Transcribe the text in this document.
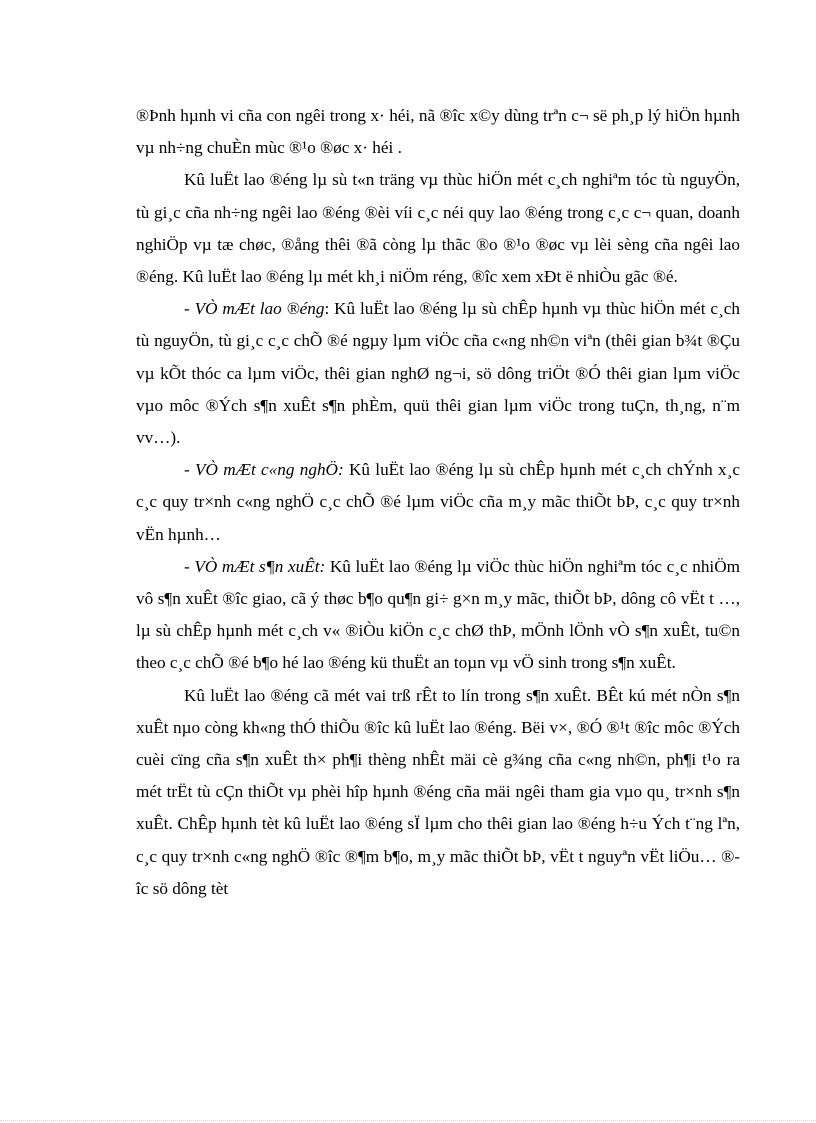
®Þnh hµnh vi cña con ngêi trong x· héi, nã ®îc x©y dùng trªn c¬ së ph¸p lý hiÖn hµnh vµ nh÷ng chuÈn mùc ®¹o ®øc x· héi .

Kû luËt lao ®éng lµ sù t«n träng vµ thùc hiÖn mét c¸ch nghiªm tóc tù nguyÖn, tù gi¸c cña nh÷ng ngêi lao ®éng ®èi víi c¸c néi quy lao ®éng trong c¸c c¬ quan, doanh nghiÖp vµ tæ chøc, ®ång thêi ®ã còng lµ thãc ®o ®¹o ®øc vµ lèi sèng cña ngêi lao ®éng. Kû luËt lao ®éng lµ mét kh¸i niÖm réng, ®îc xem xÐt ë nhiÒu gãc ®é.

- VÒ mÆt lao ®éng: Kû luËt lao ®éng lµ sù chÊp hµnh vµ thùc hiÖn mét c¸ch tù nguyÖn, tù gi¸c c¸c chÕ ®é ngµy lµm viÖc cña c«ng nh©n viªn (thêi gian b¾t ®Çu vµ kÕt thóc ca lµm viÖc, thêi gian nghØ ng¬i, sö dông triÖt ®Ó thêi gian lµm viÖc vµo môc ®Ých s¶n xuÊt s¶n phÈm, quü thêi gian lµm viÖc trong tuÇn, th¸ng, n¨m vv…).

- VÒ mÆt c«ng nghÖ: Kû luËt lao ®éng lµ sù chÊp hµnh mét c¸ch chÝnh x¸c c¸c quy tr×nh c«ng nghÖ c¸c chÕ ®é lµm viÖc cña m¸y mãc thiÕt bÞ, c¸c quy tr×nh vËn hµnh…

- VÒ mÆt s¶n xuÊt: Kû luËt lao ®éng lµ viÖc thùc hiÖn nghiªm tóc c¸c nhiÖm vô s¶n xuÊt ®îc giao, cã ý thøc b¶o qu¶n gi÷ g×n m¸y mãc, thiÕt bÞ, dông cô vËt t …, lµ sù chÊp hµnh mét c¸ch v« ®iÒu kiÖn c¸c chØ thÞ, mÖnh lÖnh vÒ s¶n xuÊt, tu©n theo c¸c chÕ ®é b¶o hé lao ®éng kü thuËt an toµn vµ vÖ sinh trong s¶n xuÊt.

Kû luËt lao ®éng cã mét vai trß rÊt to lín trong s¶n xuÊt. BÊt kú mét nÒn s¶n xuÊt nµo còng kh«ng thÓ thiÕu ®îc kû luËt lao ®éng. Bëi v×, ®Ó ®¹t ®îc môc ®Ých cuèi cïng cña s¶n xuÊt th× ph¶i thèng nhÊt mäi cè g¾ng cña c«ng nh©n, ph¶i t¹o ra mét trËt tù cÇn thiÕt vµ phèi hîp hµnh ®éng cña mäi ngêi tham gia vµo qu¸ tr×nh s¶n xuÊt. ChÊp hµnh tèt kû luËt lao ®éng sÏ lµm cho thêi gian lao ®éng h÷u Ých t¨ng lªn, c¸c quy tr×nh c«ng nghÖ ®îc ®¶m b¶o, m¸y mãc thiÕt bÞ, vËt t nguyªn vËt liÖu… ®îc sö dông tèt
